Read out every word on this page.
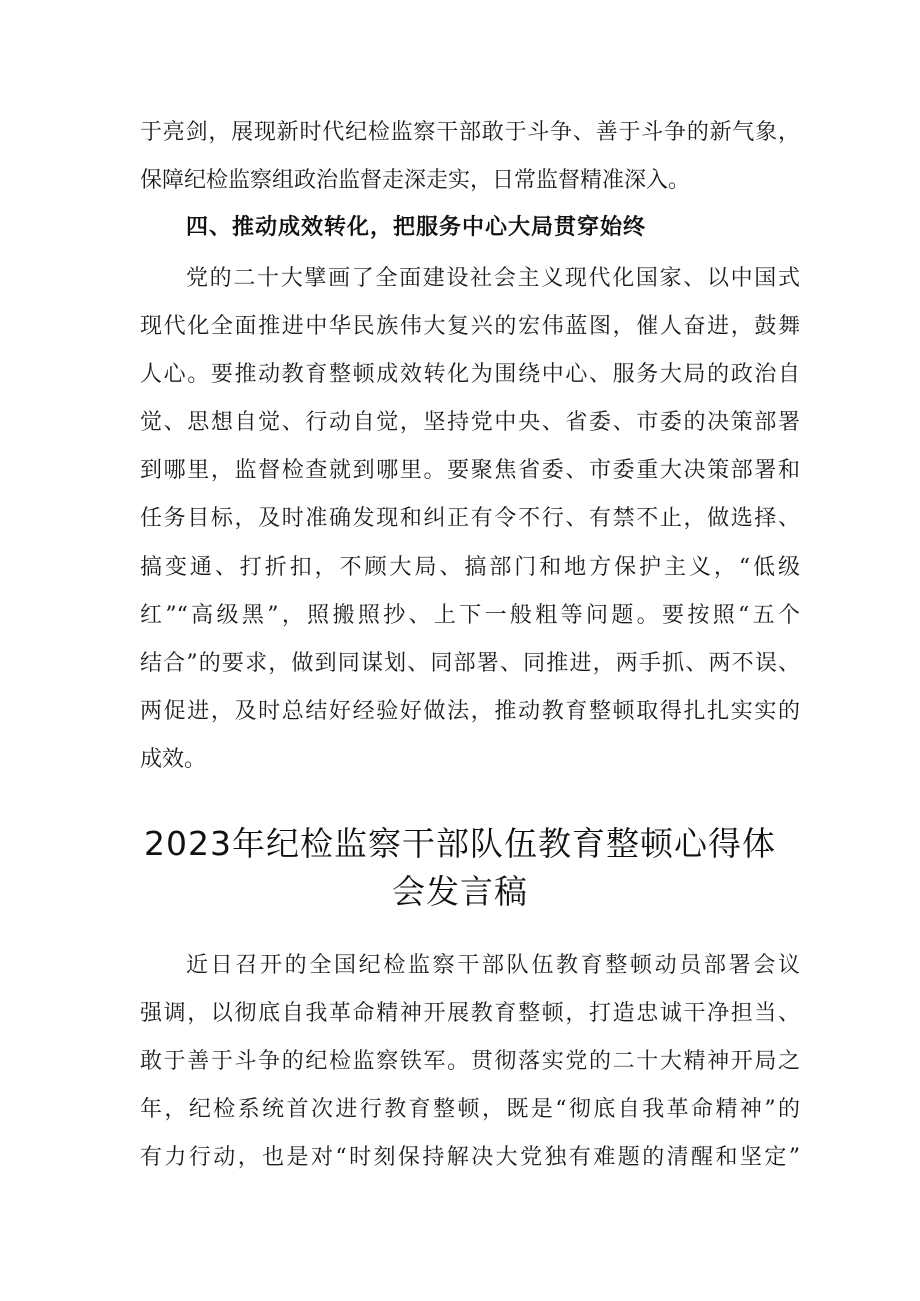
于亮剑，展现新时代纪检监察干部敢于斗争、善于斗争的新气象，
保障纪检监察组政治监督走深走实，日常监督精准深入。
四、推动成效转化，把服务中心大局贯穿始终
党的二十大擘画了全面建设社会主义现代化国家、以中国式
现代化全面推进中华民族伟大复兴的宏伟蓝图，催人奋进，鼓舞
人心。要推动教育整顿成效转化为围绕中心、服务大局的政治自
觉、思想自觉、行动自觉，坚持党中央、省委、市委的决策部署
到哪里，监督检查就到哪里。要聚焦省委、市委重大决策部署和
任务目标，及时准确发现和纠正有令不行、有禁不止，做选择、
搞变通、打折扣，不顾大局、搞部门和地方保护主义，“低级
红”“高级黑”，照搬照抄、上下一般粗等问题。要按照“五个
结合”的要求，做到同谋划、同部署、同推进，两手抓、两不误、
两促进，及时总结好经验好做法，推动教育整顿取得扎扎实实的
成效。
2023年纪检监察干部队伍教育整顿心得体
会发言稿
近日召开的全国纪检监察干部队伍教育整顿动员部署会议
强调，以彻底自我革命精神开展教育整顿，打造忠诚干净担当、
敢于善于斗争的纪检监察铁军。贯彻落实党的二十大精神开局之
年，纪检系统首次进行教育整顿，既是“彻底自我革命精神”的
有力行动，也是对“时刻保持解决大党独有难题的清醒和坚定”
